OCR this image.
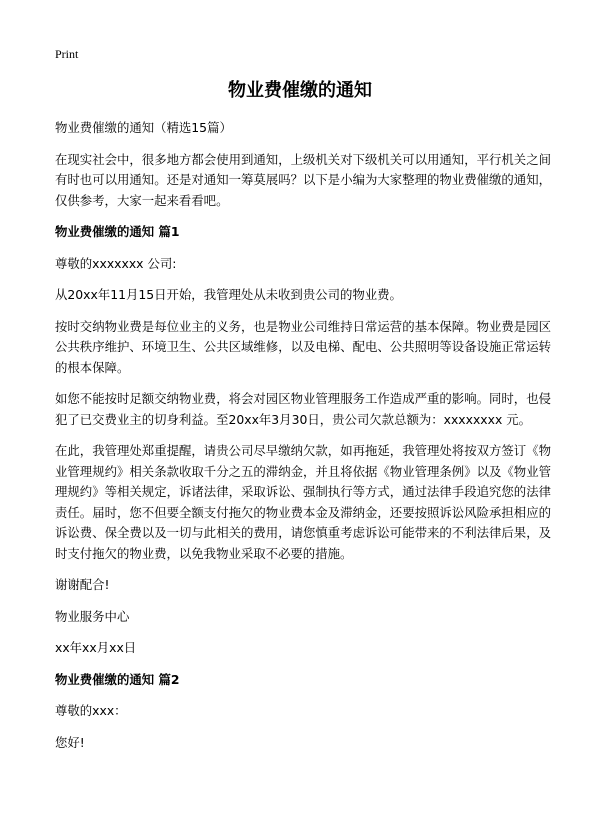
Print
物业费催缴的通知

物业费催缴的通知（精选15篇）

在现实社会中，很多地方都会使用到通知，上级机关对下级机关可以用通知，平行机关之间有时也可以用通知。还是对通知一筹莫展吗？以下是小编为大家整理的物业费催缴的通知，仅供参考，大家一起来看看吧。

物业费催缴的通知 篇1

尊敬的xxxxxxx 公司:

从20xx年11月15日开始，我管理处从未收到贵公司的物业费。

按时交纳物业费是每位业主的义务，也是物业公司维持日常运营的基本保障。物业费是园区公共秩序维护、环境卫生、公共区域维修，以及电梯、配电、公共照明等设备设施正常运转的根本保障。

如您不能按时足额交纳物业费，将会对园区物业管理服务工作造成严重的影响。同时，也侵犯了已交费业主的切身利益。至20xx年3月30日，贵公司欠款总额为：xxxxxxxx 元。

在此，我管理处郑重提醒，请贵公司尽早缴纳欠款，如再拖延，我管理处将按双方签订《物业管理规约》相关条款收取千分之五的滞纳金，并且将依据《物业管理条例》以及《物业管理规约》等相关规定，诉诸法律，采取诉讼、强制执行等方式，通过法律手段追究您的法律责任。届时，您不但要全额支付拖欠的物业费本金及滞纳金，还要按照诉讼风险承担相应的诉讼费、保全费以及一切与此相关的费用，请您慎重考虑诉讼可能带来的不利法律后果，及时支付拖欠的物业费，以免我物业采取不必要的措施。

谢谢配合!

物业服务中心

xx年xx月xx日

物业费催缴的通知 篇2

尊敬的xxx：

您好!
